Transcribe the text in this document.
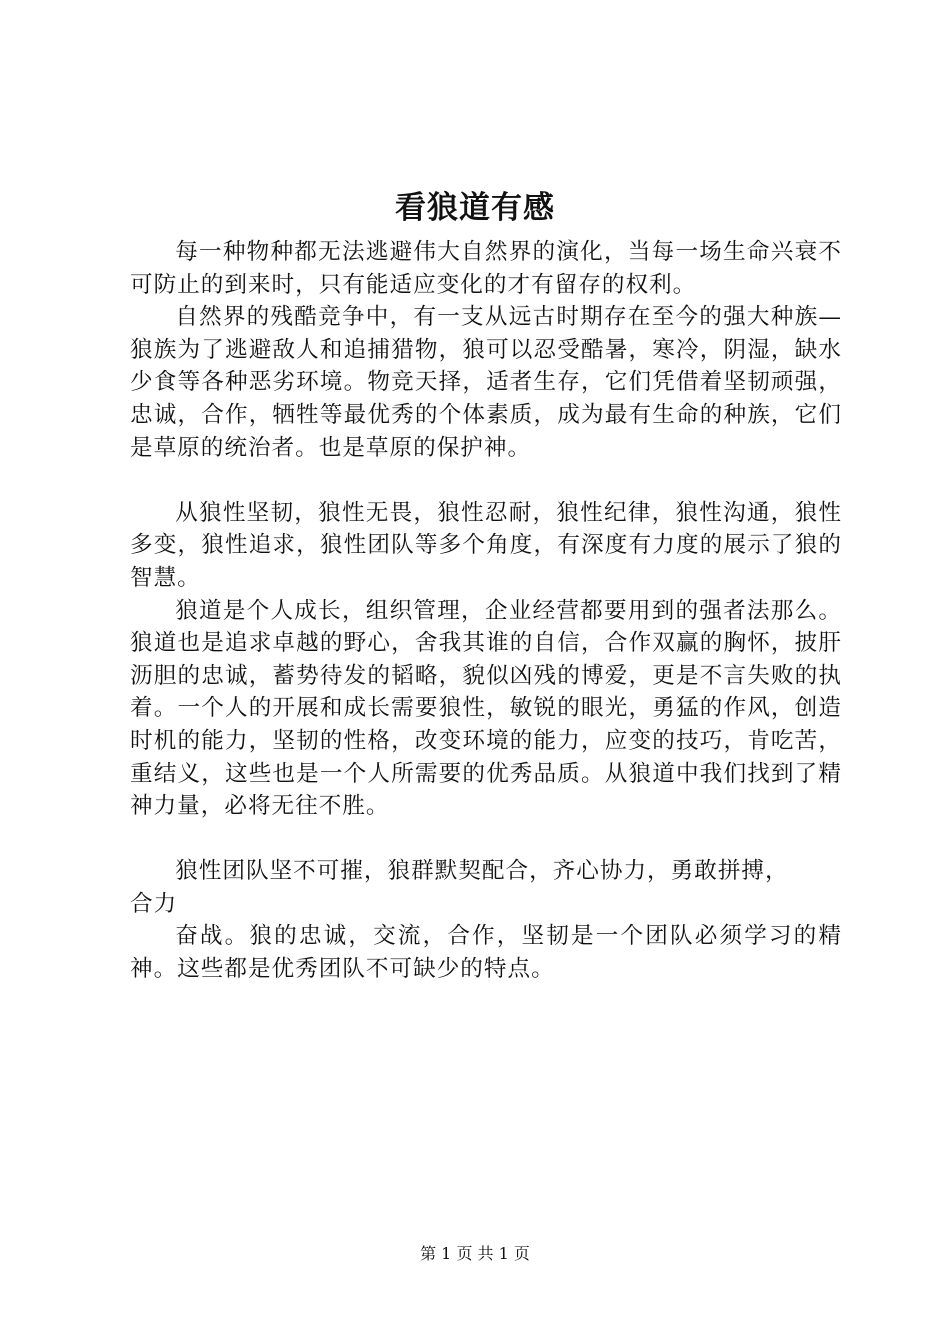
看狼道有感

每一种物种都无法逃避伟大自然界的演化，当每一场生命兴衰不可防止的到来时，只有能适应变化的才有留存的权利。

自然界的残酷竞争中，有一支从远古时期存在至今的强大种族—狼族为了逃避敌人和追捕猎物，狼可以忍受酷暑，寒冷，阴湿，缺水少食等各种恶劣环境。物竞天择，适者生存，它们凭借着坚韧顽强，忠诚，合作，牺牲等最优秀的个体素质，成为最有生命的种族，它们是草原的统治者。也是草原的保护神。

从狼性坚韧，狼性无畏，狼性忍耐，狼性纪律，狼性沟通，狼性多变，狼性追求，狼性团队等多个角度，有深度有力度的展示了狼的智慧。

狼道是个人成长，组织管理，企业经营都要用到的强者法那么。狼道也是追求卓越的野心，舍我其谁的自信，合作双赢的胸怀，披肝沥胆的忠诚，蓄势待发的韬略，貌似凶残的博爱，更是不言失败的执着。一个人的开展和成长需要狼性，敏锐的眼光，勇猛的作风，创造时机的能力，坚韧的性格，改变环境的能力，应变的技巧，肯吃苦，重结义，这些也是一个人所需要的优秀品质。从狼道中我们找到了精神力量，必将无往不胜。

狼性团队坚不可摧，狼群默契配合，齐心协力，勇敢拼搏，

合力

奋战。狼的忠诚，交流，合作，坚韧是一个团队必须学习的精神。这些都是优秀团队不可缺少的特点。

第 1 页 共 1 页
